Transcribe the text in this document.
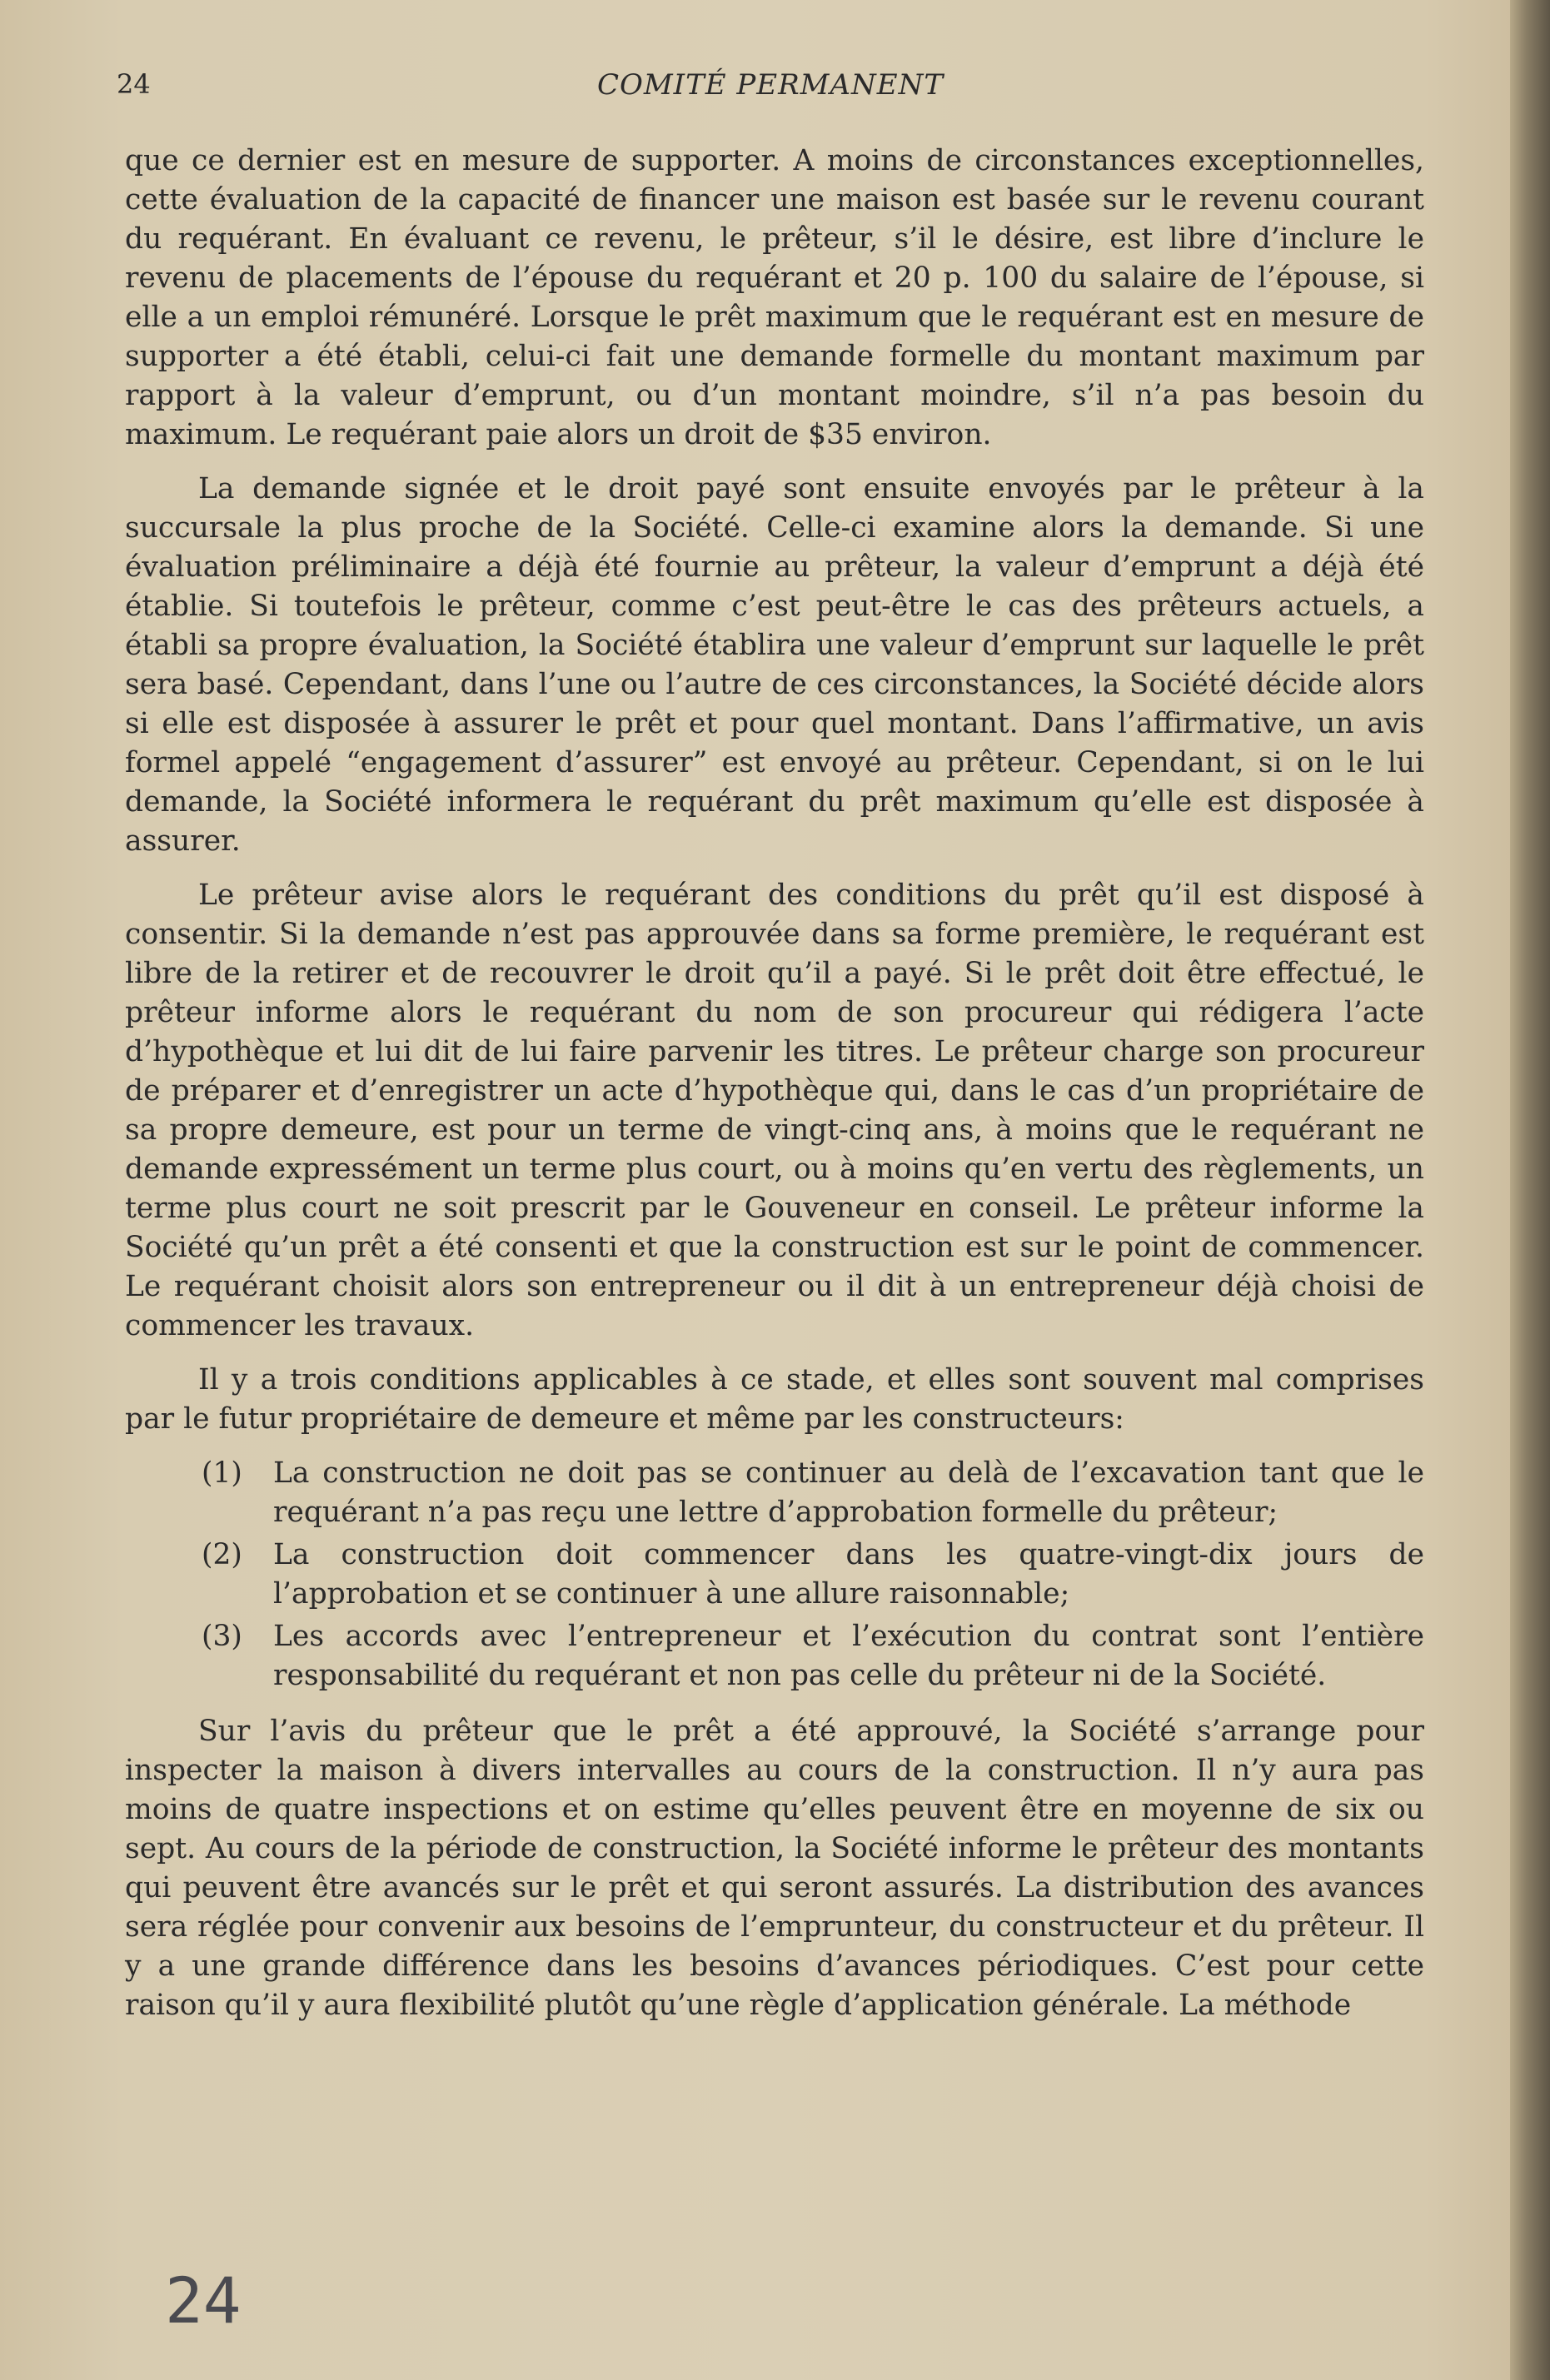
24	COMITÉ PERMANENT

que ce dernier est en mesure de supporter. A moins de circonstances exceptionnelles, cette évaluation de la capacité de financer une maison est basée sur le revenu courant du requérant. En évaluant ce revenu, le prêteur, s’il le désire, est libre d’inclure le revenu de placements de l’épouse du requérant et 20 p. 100 du salaire de l’épouse, si elle a un emploi rémunéré. Lorsque le prêt maximum que le requérant est en mesure de supporter a été établi, celui-ci fait une demande formelle du montant maximum par rapport à la valeur d’emprunt, ou d’un montant moindre, s’il n’a pas besoin du maximum. Le requérant paie alors un droit de $35 environ.

La demande signée et le droit payé sont ensuite envoyés par le prêteur à la succursale la plus proche de la Société. Celle-ci examine alors la demande. Si une évaluation préliminaire a déjà été fournie au prêteur, la valeur d’emprunt a déjà été établie. Si toutefois le prêteur, comme c’est peut-être le cas des prêteurs actuels, a établi sa propre évaluation, la Société établira une valeur d’emprunt sur laquelle le prêt sera basé. Cependant, dans l’une ou l’autre de ces circonstances, la Société décide alors si elle est disposée à assurer le prêt et pour quel montant. Dans l’affirmative, un avis formel appelé “engagement d’assurer” est envoyé au prêteur. Cependant, si on le lui demande, la Société informera le requérant du prêt maximum qu’elle est disposée à assurer.

Le prêteur avise alors le requérant des conditions du prêt qu’il est disposé à consentir. Si la demande n’est pas approuvée dans sa forme première, le requérant est libre de la retirer et de recouvrer le droit qu’il a payé. Si le prêt doit être effectué, le prêteur informe alors le requérant du nom de son procureur qui rédigera l’acte d’hypothèque et lui dit de lui faire parvenir les titres. Le prêteur charge son procureur de préparer et d’enregistrer un acte d’hypothèque qui, dans le cas d’un propriétaire de sa propre demeure, est pour un terme de vingt-cinq ans, à moins que le requérant ne demande expressément un terme plus court, ou à moins qu’en vertu des règlements, un terme plus court ne soit prescrit par le Gouveneur en conseil. Le prêteur informe la Société qu’un prêt a été consenti et que la construction est sur le point de commencer. Le requérant choisit alors son entrepreneur ou il dit à un entrepreneur déjà choisi de commencer les travaux.

Il y a trois conditions applicables à ce stade, et elles sont souvent mal comprises par le futur propriétaire de demeure et même par les constructeurs:

(1) La construction ne doit pas se continuer au delà de l’excavation tant que le requérant n’a pas reçu une lettre d’approbation formelle du prêteur;
(2) La construction doit commencer dans les quatre-vingt-dix jours de l’approbation et se continuer à une allure raisonnable;
(3) Les accords avec l’entrepreneur et l’exécution du contrat sont l’entière responsabilité du requérant et non pas celle du prêteur ni de la Société.

Sur l’avis du prêteur que le prêt a été approuvé, la Société s’arrange pour inspecter la maison à divers intervalles au cours de la construction. Il n’y aura pas moins de quatre inspections et on estime qu’elles peuvent être en moyenne de six ou sept. Au cours de la période de construction, la Société informe le prêteur des montants qui peuvent être avancés sur le prêt et qui seront assurés. La distribution des avances sera réglée pour convenir aux besoins de l’emprunteur, du constructeur et du prêteur. Il y a une grande différence dans les besoins d’avances périodiques. C’est pour cette raison qu’il y aura flexibilité plutôt qu’une règle d’application générale. La méthode

24
